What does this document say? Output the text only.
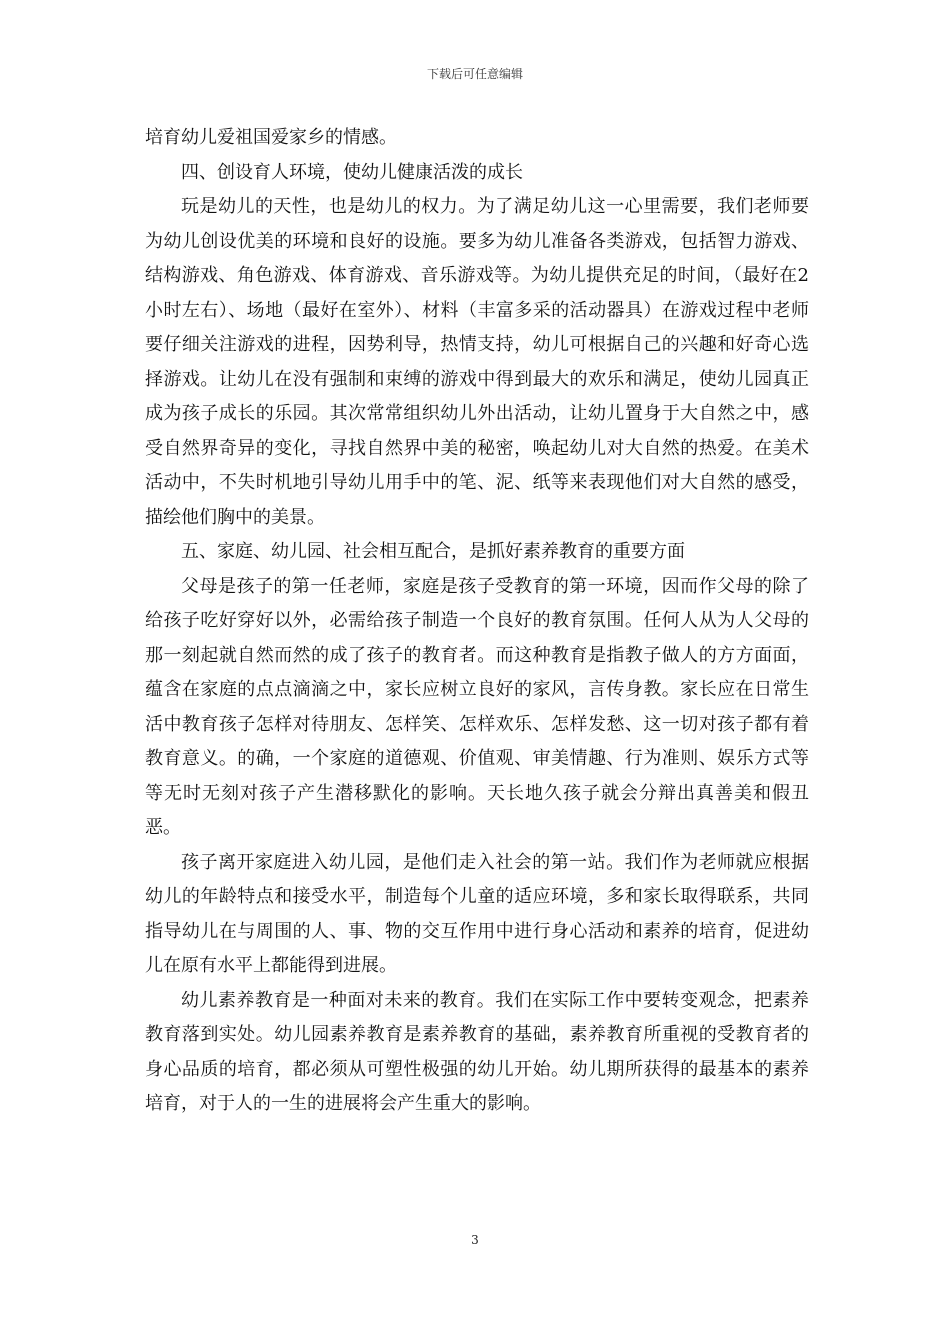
下载后可任意编辑

培育幼儿爱祖国爱家乡的情感。

四、创设育人环境，使幼儿健康活泼的成长

玩是幼儿的天性，也是幼儿的权力。为了满足幼儿这一心里需要，我们老师要为幼儿创设优美的环境和良好的设施。要多为幼儿准备各类游戏，包括智力游戏、结构游戏、角色游戏、体育游戏、音乐游戏等。为幼儿提供充足的时间，（最好在2小时左右）、场地（最好在室外）、材料（丰富多采的活动器具）在游戏过程中老师要仔细关注游戏的进程，因势利导，热情支持，幼儿可根据自己的兴趣和好奇心选择游戏。让幼儿在没有强制和束缚的游戏中得到最大的欢乐和满足，使幼儿园真正成为孩子成长的乐园。其次常常组织幼儿外出活动，让幼儿置身于大自然之中，感受自然界奇异的变化，寻找自然界中美的秘密，唤起幼儿对大自然的热爱。在美术活动中，不失时机地引导幼儿用手中的笔、泥、纸等来表现他们对大自然的感受，描绘他们胸中的美景。

五、家庭、幼儿园、社会相互配合，是抓好素养教育的重要方面

父母是孩子的第一任老师，家庭是孩子受教育的第一环境，因而作父母的除了给孩子吃好穿好以外，必需给孩子制造一个良好的教育氛围。任何人从为人父母的那一刻起就自然而然的成了孩子的教育者。而这种教育是指教子做人的方方面面，蕴含在家庭的点点滴滴之中，家长应树立良好的家风，言传身教。家长应在日常生活中教育孩子怎样对待朋友、怎样笑、怎样欢乐、怎样发愁、这一切对孩子都有着教育意义。的确，一个家庭的道德观、价值观、审美情趣、行为准则、娱乐方式等等无时无刻对孩子产生潜移默化的影响。天长地久孩子就会分辩出真善美和假丑恶。

孩子离开家庭进入幼儿园，是他们走入社会的第一站。我们作为老师就应根据幼儿的年龄特点和接受水平，制造每个儿童的适应环境，多和家长取得联系，共同指导幼儿在与周围的人、事、物的交互作用中进行身心活动和素养的培育，促进幼儿在原有水平上都能得到进展。

幼儿素养教育是一种面对未来的教育。我们在实际工作中要转变观念，把素养教育落到实处。幼儿园素养教育是素养教育的基础，素养教育所重视的受教育者的身心品质的培育，都必须从可塑性极强的幼儿开始。幼儿期所获得的最基本的素养培育，对于人的一生的进展将会产生重大的影响。

3
